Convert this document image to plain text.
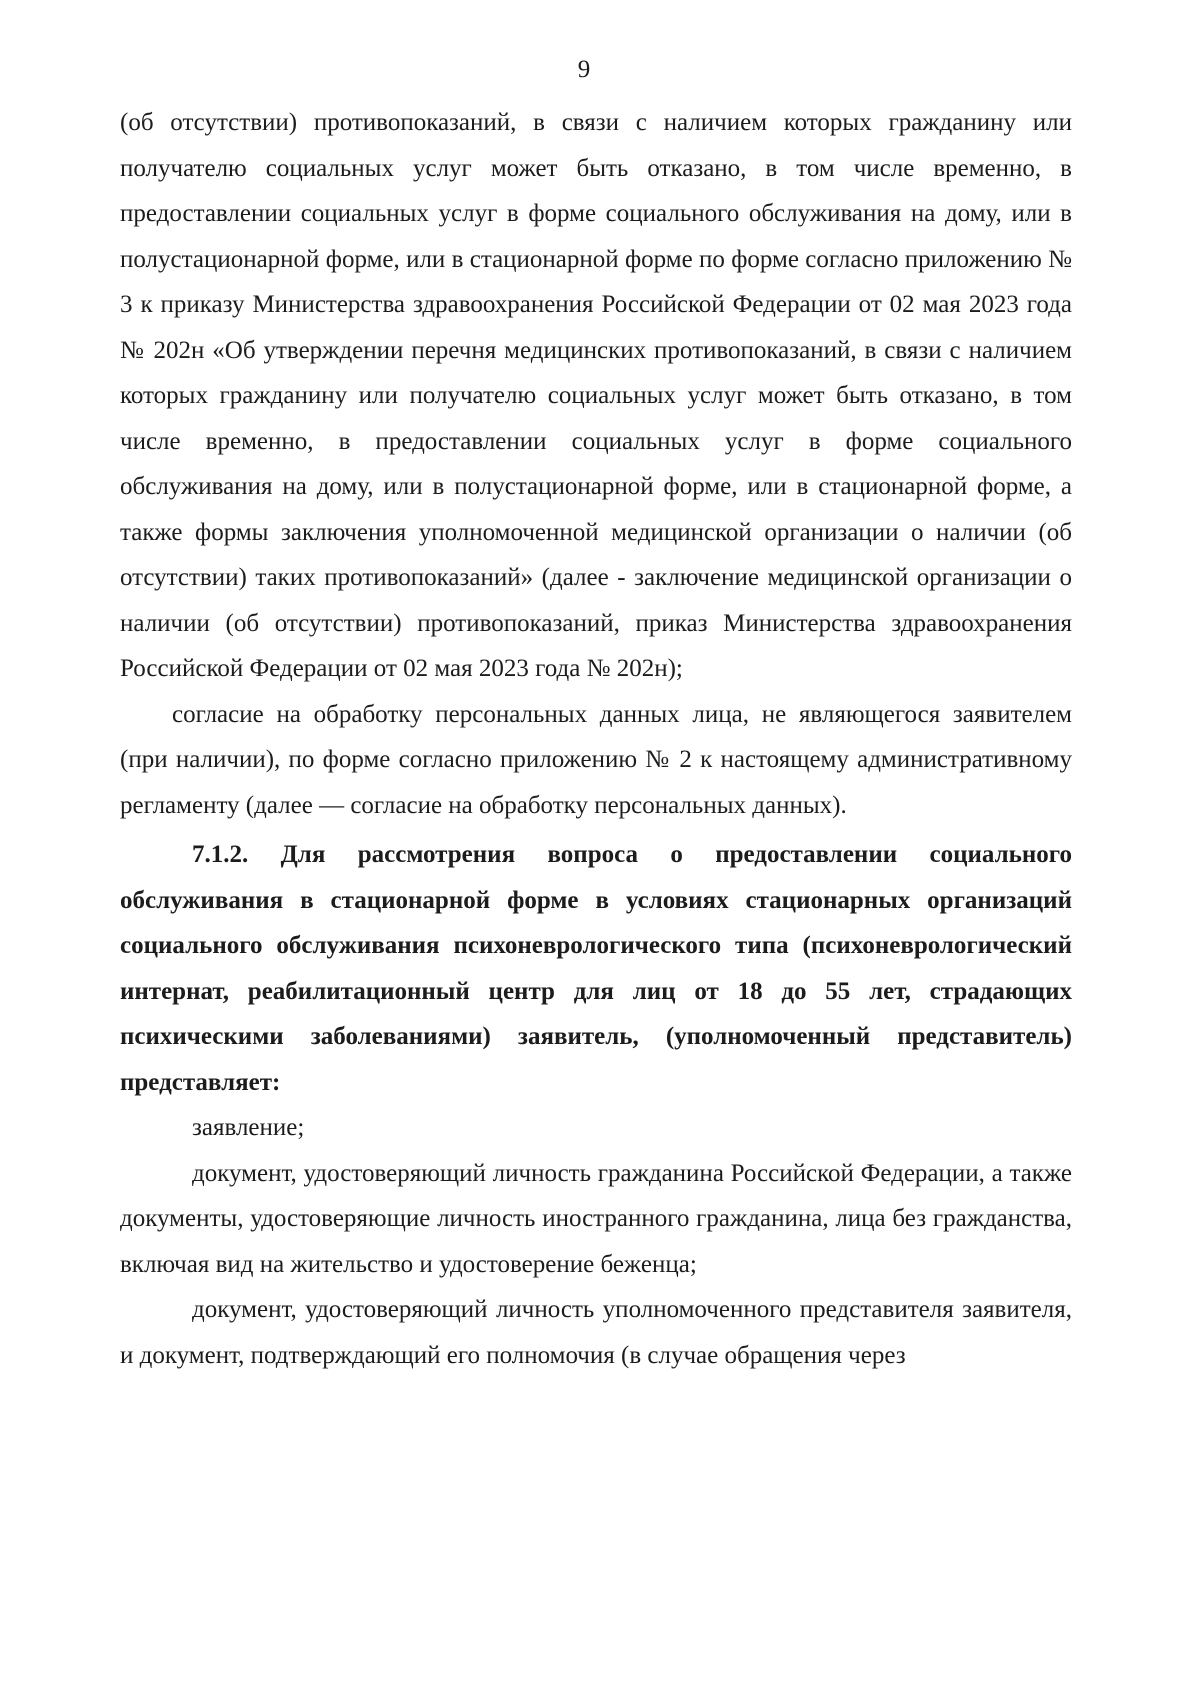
9

(об отсутствии) противопоказаний, в связи с наличием которых гражданину или получателю социальных услуг может быть отказано, в том числе временно, в предоставлении социальных услуг в форме социального обслуживания на дому, или в полустационарной форме, или в стационарной форме по форме согласно приложению № 3 к приказу Министерства здравоохранения Российской Федерации от 02 мая 2023 года № 202н «Об утверждении перечня медицинских противопоказаний, в связи с наличием которых гражданину или получателю социальных услуг может быть отказано, в том числе временно, в предоставлении социальных услуг в форме социального обслуживания на дому, или в полустационарной форме, или в стационарной форме, а также формы заключения уполномоченной медицинской организации о наличии (об отсутствии) таких противопоказаний» (далее - заключение медицинской организации о наличии (об отсутствии) противопоказаний, приказ Министерства здравоохранения Российской Федерации от 02 мая 2023 года № 202н);

согласие на обработку персональных данных лица, не являющегося заявителем (при наличии), по форме согласно приложению № 2 к настоящему административному регламенту (далее — согласие на обработку персональных данных).

7.1.2. Для рассмотрения вопроса о предоставлении социального обслуживания в стационарной форме в условиях стационарных организаций социального обслуживания психоневрологического типа (психоневрологический интернат, реабилитационный центр для лиц от 18 до 55 лет, страдающих психическими заболеваниями) заявитель, (уполномоченный представитель) представляет:

заявление;

документ, удостоверяющий личность гражданина Российской Федерации, а также документы, удостоверяющие личность иностранного гражданина, лица без гражданства, включая вид на жительство и удостоверение беженца;

документ, удостоверяющий личность уполномоченного представителя заявителя, и документ, подтверждающий его полномочия (в случае обращения через
